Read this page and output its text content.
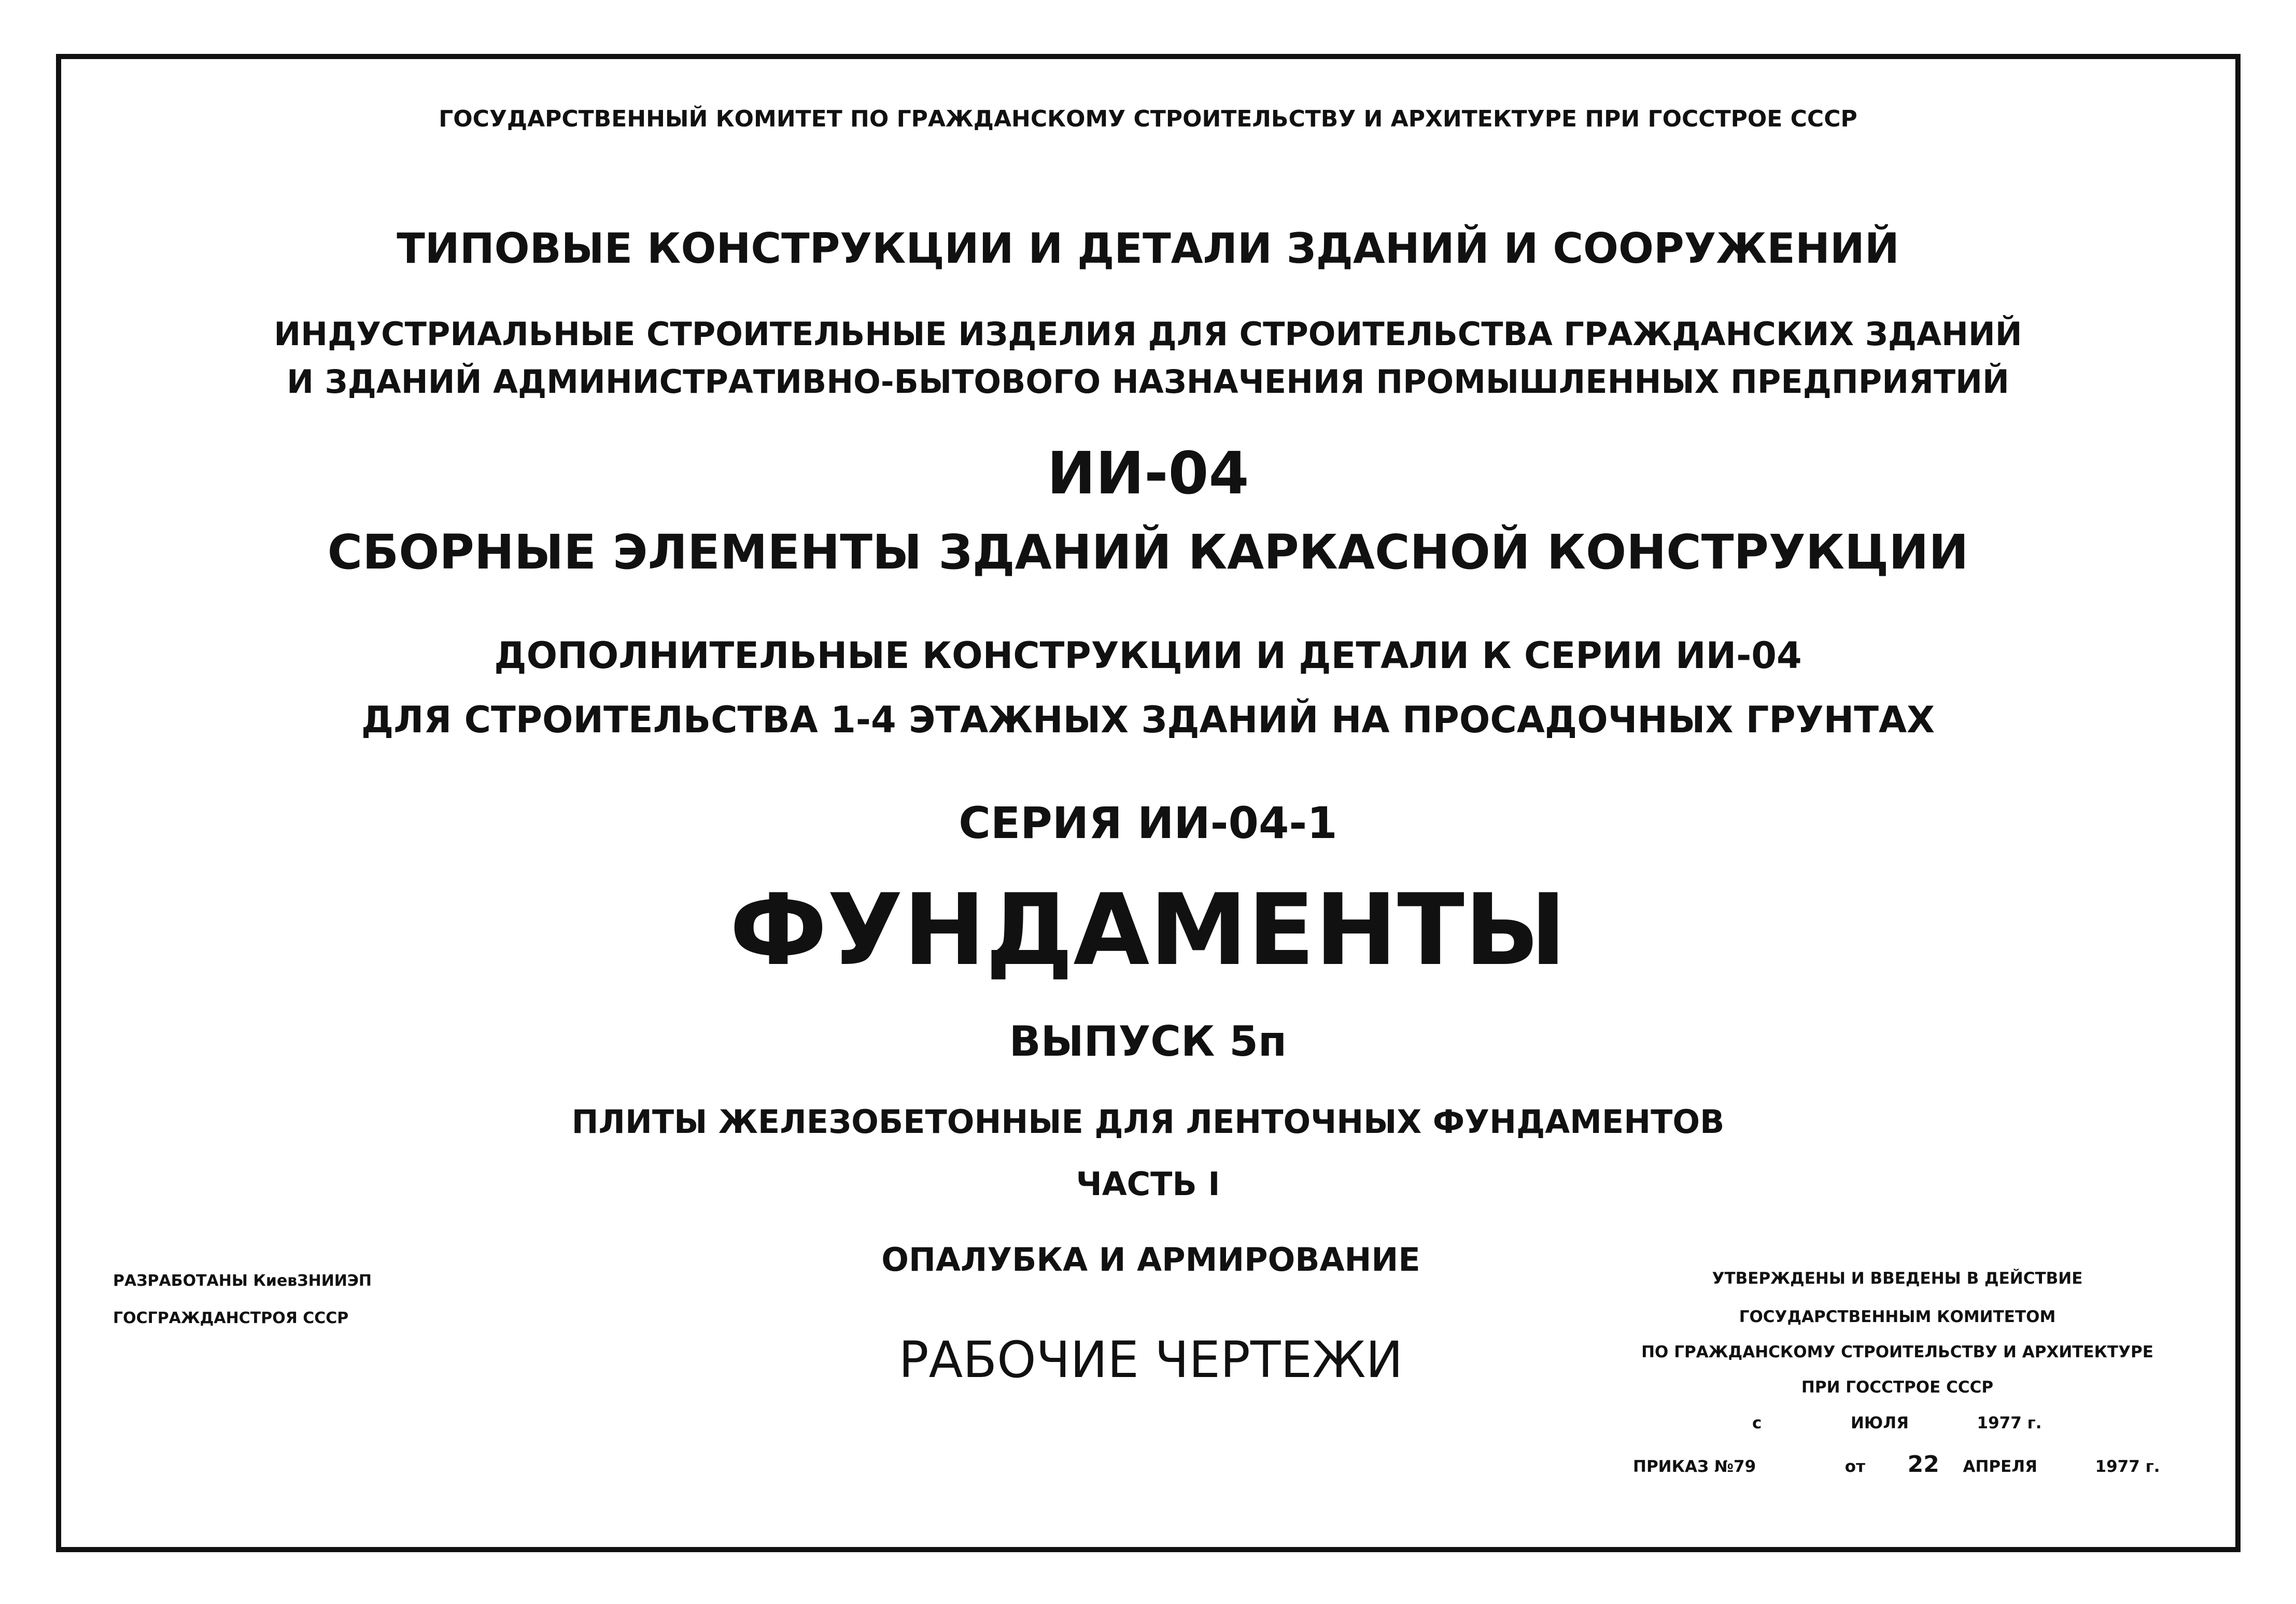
ГОСУДАРСТВЕННЫЙ КОМИТЕТ ПО ГРАЖДАНСКОМУ СТРОИТЕЛЬСТВУ И АРХИТЕКТУРЕ ПРИ ГОССТРОЕ СССР
ТИПОВЫЕ КОНСТРУКЦИИ И ДЕТАЛИ ЗДАНИЙ И СООРУЖЕНИЙ
ИНДУСТРИАЛЬНЫЕ СТРОИТЕЛЬНЫЕ ИЗДЕЛИЯ ДЛЯ СТРОИТЕЛЬСТВА ГРАЖДАНСКИХ ЗДАНИЙ
И ЗДАНИЙ АДМИНИСТРАТИВНО-БЫТОВОГО НАЗНАЧЕНИЯ ПРОМЫШЛЕННЫХ ПРЕДПРИЯТИЙ
ИИ-04
СБОРНЫЕ ЭЛЕМЕНТЫ ЗДАНИЙ КАРКАСНОЙ КОНСТРУКЦИИ
ДОПОЛНИТЕЛЬНЫЕ КОНСТРУКЦИИ И ДЕТАЛИ К СЕРИИ ИИ-04
ДЛЯ СТРОИТЕЛЬСТВА 1-4 ЭТАЖНЫХ ЗДАНИЙ НА ПРОСАДОЧНЫХ ГРУНТАХ
СЕРИЯ ИИ-04-1
ФУНДАМЕНТЫ
ВЫПУСК 5п
ПЛИТЫ ЖЕЛЕЗОБЕТОННЫЕ ДЛЯ ЛЕНТОЧНЫХ ФУНДАМЕНТОВ
ЧАСТЬ I
ОПАЛУБКА И АРМИРОВАНИЕ
РАБОЧИЕ ЧЕРТЕЖИ
РАЗРАБОТАНЫ КиевЗНИИЭП
ГОСГРАЖДАНСТРОЯ СССР
УТВЕРЖДЕНЫ И ВВЕДЕНЫ В ДЕЙСТВИЕ
ГОСУДАРСТВЕННЫМ КОМИТЕТОМ
ПО ГРАЖДАНСКОМУ СТРОИТЕЛЬСТВУ И АРХИТЕКТУРЕ
ПРИ ГОССТРОЕ СССР
с	ИЮЛЯ	1977 г.
ПРИКАЗ №79	от 22 АПРЕЛЯ	1977 г.
